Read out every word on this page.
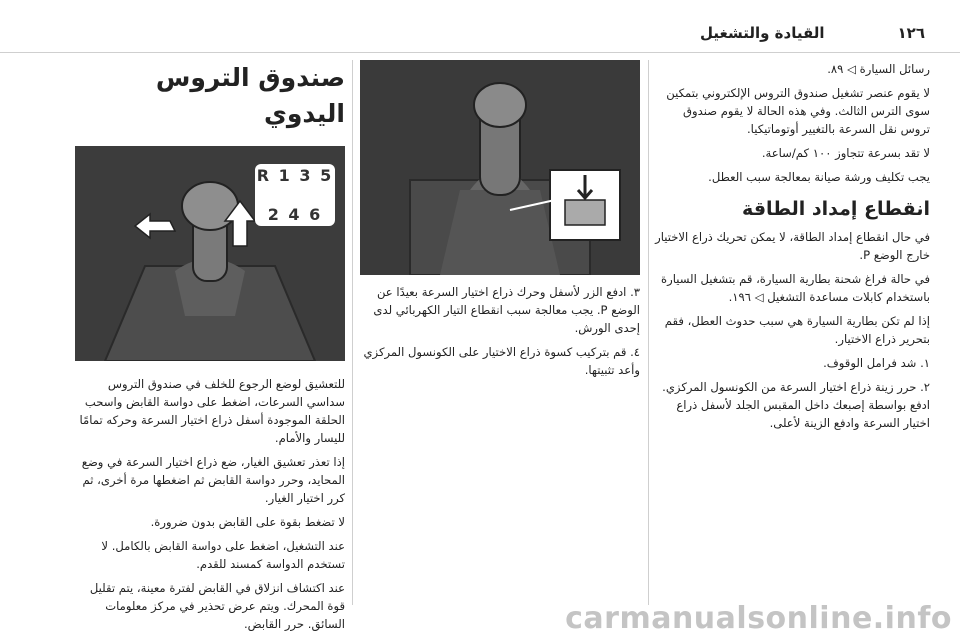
١٢٦
القيادة والتشغيل

رسائل السيارة ◁ ٨٩.

لا يقوم عنصر تشغيل صندوق التروس الإلكتروني بتمكين سوى الترس الثالث. وفي هذه الحالة لا يقوم صندوق تروس نقل السرعة بالتغيير أوتوماتيكيا.

لا تقد بسرعة تتجاوز ١٠٠ كم/ساعة.

يجب تكليف ورشة صيانة بمعالجة سبب العطل.

انقطاع إمداد الطاقة

في حال انقطاع إمداد الطاقة، لا يمكن تحريك ذراع الاختيار خارج الوضع P.

في حالة فراغ شحنة بطارية السيارة، قم بتشغيل السيارة باستخدام كابلات مساعدة التشغيل ◁ ١٩٦.

إذا لم تكن بطارية السيارة هي سبب حدوث العطل، فقم بتحرير ذراع الاختيار.

١. شد فرامل الوقوف.

٢. حرر زينة ذراع اختيار السرعة من الكونسول المركزي. ادفع بواسطة إصبعك داخل المقبس الجلد لأسفل ذراع اختيار السرعة وادفع الزينة لأعلى.

٣. ادفع الزر لأسفل وحرك ذراع اختيار السرعة بعيدًا عن الوضع P. يجب معالجة سبب انقطاع التيار الكهربائي لدى إحدى الورش.

٤. قم بتركيب كسوة ذراع الاختيار على الكونسول المركزي وأعد تثبيتها.

صندوق التروس اليدوي
R 1 3 5
2 4 6

للتعشيق لوضع الرجوع للخلف في صندوق التروس سداسي السرعات، اضغط على دواسة القابض واسحب الحلقة الموجودة أسفل ذراع اختيار السرعة وحركه تمامًا لليسار والأمام.

إذا تعذر تعشيق الغيار، ضع ذراع اختيار السرعة في وضع المحايد، وحرر دواسة القابض ثم اضغطها مرة أخرى، ثم كرر اختيار الغيار.

لا تضغط بقوة على القابض بدون ضرورة.

عند التشغيل، اضغط على دواسة القابض بالكامل. لا تستخدم الدواسة كمسند للقدم.

عند اكتشاف انزلاق في القابض لفترة معينة، يتم تقليل قوة المحرك. ويتم عرض تحذير في مركز معلومات السائق. حرر القابض.	carmanualsonline.info
